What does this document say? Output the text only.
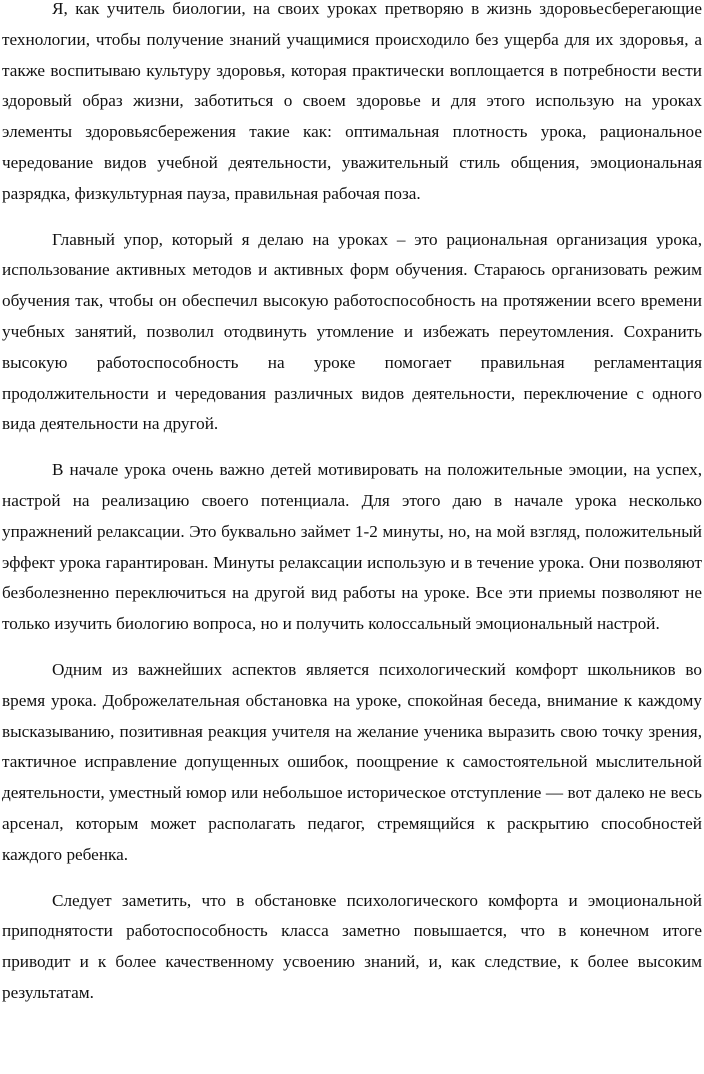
Я, как учитель биологии, на своих уроках претворяю в жизнь здоровьесберегающие технологии, чтобы получение знаний учащимися происходило без ущерба для их здоровья, а также воспитываю культуру здоровья, которая практически воплощается в потребности вести здоровый образ жизни, заботиться о своем здоровье и для этого использую на уроках элементы здоровьясбережения такие как: оптимальная плотность урока, рациональное чередование видов учебной деятельности, уважительный стиль общения, эмоциональная разрядка, физкультурная пауза, правильная рабочая поза.

Главный упор, который я делаю на уроках – это рациональная организация урока, использование активных методов и активных форм обучения. Стараюсь организовать режим обучения так, чтобы он обеспечил высокую работоспособность на протяжении всего времени учебных занятий, позволил отодвинуть утомление и избежать переутомления. Сохранить высокую работоспособность на уроке помогает правильная регламентация продолжительности и чередования различных видов деятельности, переключение с одного вида деятельности на другой.

В начале урока очень важно детей мотивировать на положительные эмоции, на успех, настрой на реализацию своего потенциала. Для этого даю в начале урока несколько упражнений релаксации. Это буквально займет 1-2 минуты, но, на мой взгляд, положительный эффект урока гарантирован. Минуты релаксации использую и в течение урока. Они позволяют безболезненно переключиться на другой вид работы на уроке. Все эти приемы позволяют не только изучить биологию вопроса, но и получить колоссальный эмоциональный настрой.

Одним из важнейших аспектов является психологический комфорт школьников во время урока. Доброжелательная обстановка на уроке, спокойная беседа, внимание к каждому высказыванию, позитивная реакция учителя на желание ученика выразить свою точку зрения, тактичное исправление допущенных ошибок, поощрение к самостоятельной мыслительной деятельности, уместный юмор или небольшое историческое отступление — вот далеко не весь арсенал, которым может располагать педагог, стремящийся к раскрытию способностей каждого ребенка.

Следует заметить, что в обстановке психологического комфорта и эмоциональной приподнятости работоспособность класса заметно повышается, что в конечном итоге приводит и к более качественному усвоению знаний, и, как следствие, к более высоким результатам.
